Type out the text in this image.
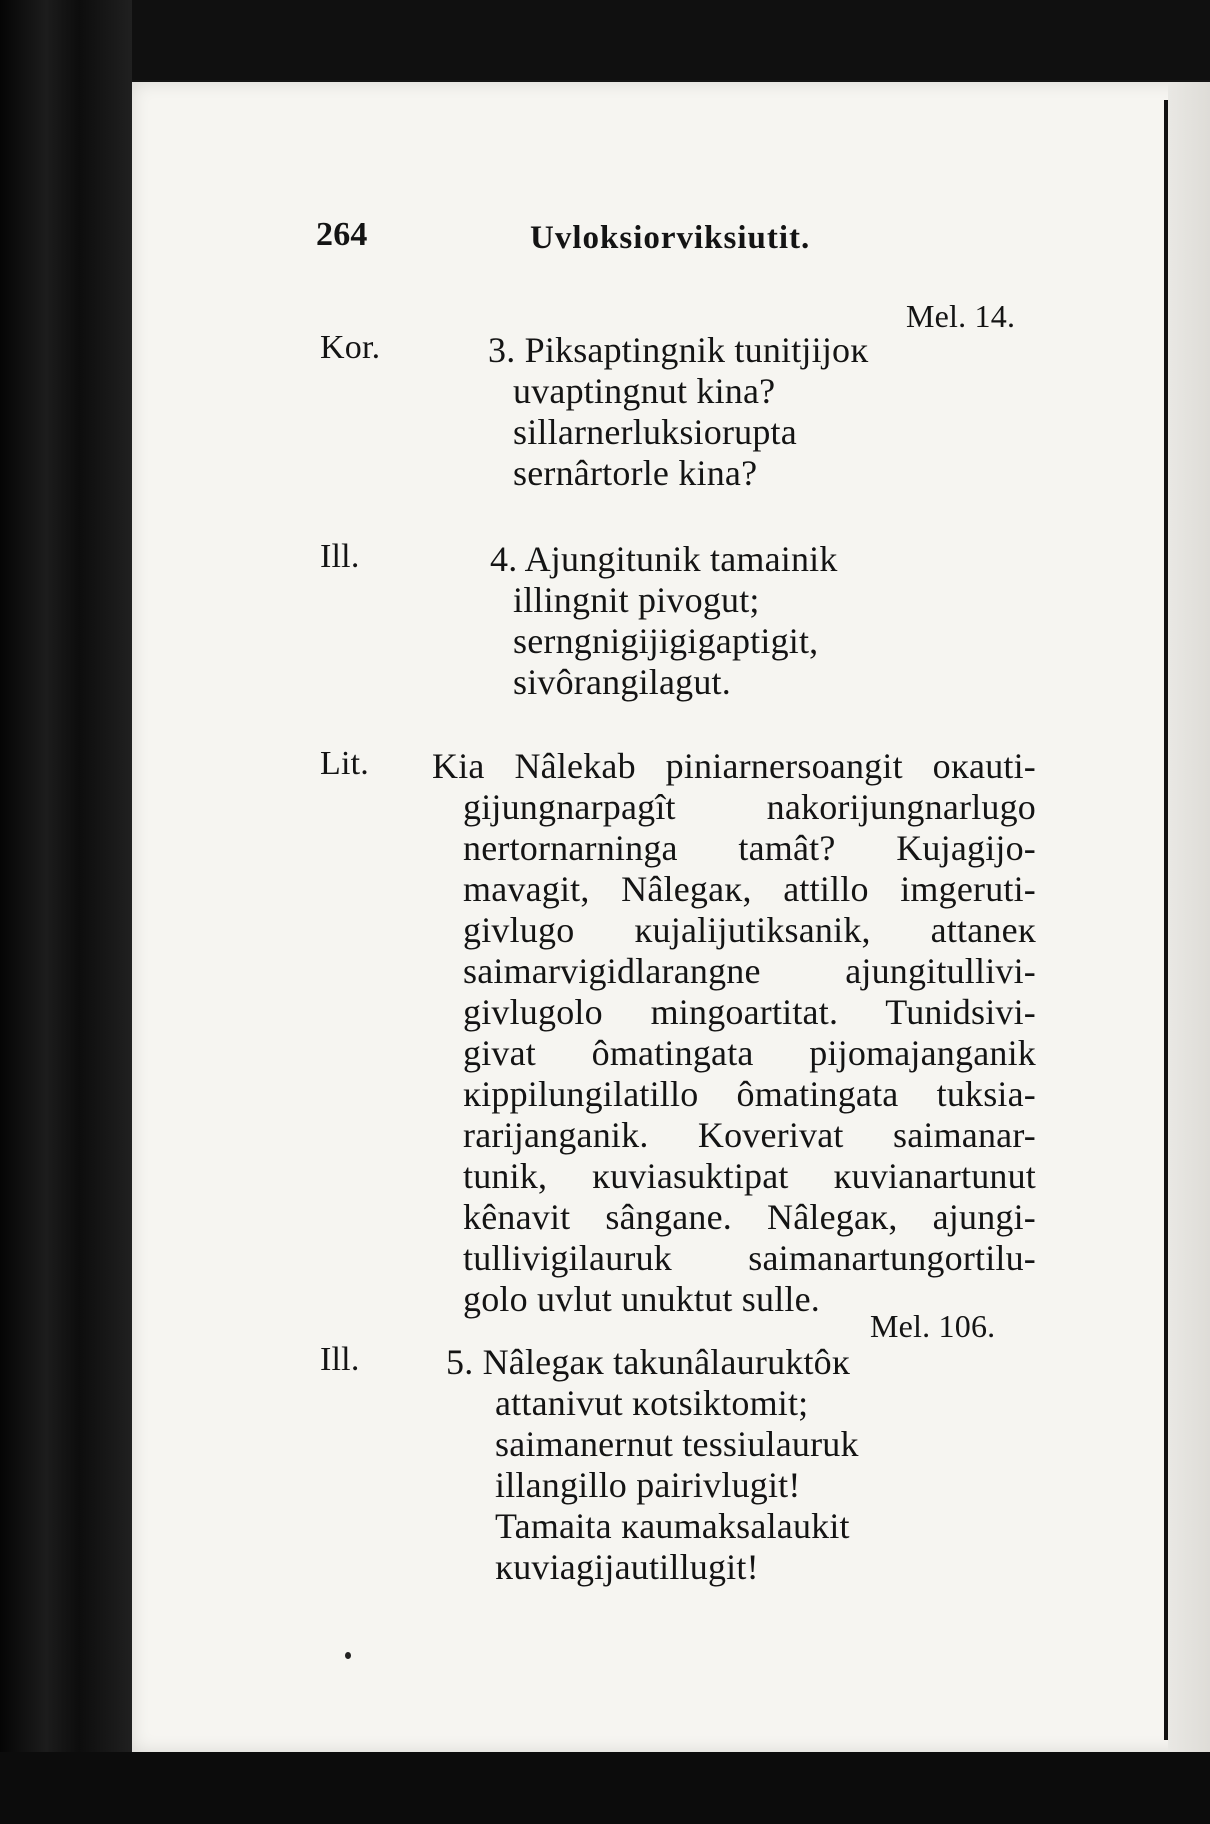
264	Uvloksiorviksiutit.
Mel. 14.
Kor.	3. Piksaptingnik tunitjijoĸ
uvaptingnut kina?
sillarnerluksiorupta
sernârtorle kina?
Ill.	4. Ajungitunik tamainik
illingnit pivogut;
serngnigijigigaptigit,
sivôrangilagut.
Lit. Kia Nâlekab piniarnersoangit oĸauti-
gijungnarpagît nakorijungnarlugo
nertornarninga tamât? Kujagijo-
mavagit, Nâlegaĸ, attillo imgeruti-
givlugo ĸujalijutiksanik, attaneĸ
saimarvigidlarangne ajungitullivi-
givlugolo mingoartitat. Tunidsivi-
givat ômatingata pijomajanganik
ĸippilungilatillo ômatingata tuksia-
rarijanganik. Koverivat saimanar-
tunik, ĸuviasuktipat ĸuvianartunut
kênavit sângane. Nâlegaĸ, ajungi-
tullivigilauruk saimanartungortilu-
golo uvlut unuktut sulle.
Mel. 106.
Ill. 5. Nâlegaĸ takunâlauruktôĸ
attanivut ĸotsiktomit;
saimanernut tessiulauruk
illangillo pairivlugit!
Tamaita ĸaumaksalaukit
ĸuviagijautillugit!
